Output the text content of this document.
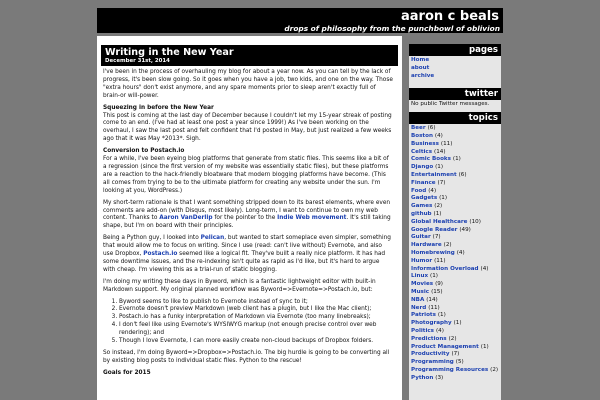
aaron c beals
drops of philosophy from the punchbowl of oblivion
Writing in the New Year
December 31st, 2014

I've been in the process of overhauling my blog for about a year now. As you can tell by the lack of progress, it's been slow going. So it goes when you have a job, two kids, and one on the way. Those "extra hours" don't exist anymore, and any spare moments prior to sleep aren't exactly full of brain-or will-power.

Squeezing in before the New Year

This post is coming at the last day of December because I couldn't let my 15-year streak of posting come to an end. (I've had at least one post a year since 1999!) As I've been working on the overhaul, I saw the last post and felt confident that I'd posted in May, but just realized a few weeks ago that it was May *2013*. Sigh.

Conversion to Postach.io

For a while, I've been eyeing blog platforms that generate from static files. This seems like a bit of a regression (since the first version of my website was essentially static files), but these platforms are a reaction to the hack-friendly bloatware that modern blogging platforms have become. (This all comes from trying to be to the ultimate platform for creating any website under the sun. I'm looking at you, WordPress.)

My short-term rationale is that I want something stripped down to its barest elements, where even comments are add-on (with Disqus, most likely). Long-term, I want to continue to own my web content. Thanks to Aaron VanDerlip for the pointer to the Indie Web movement. It's still taking shape, but I'm on board with their principles.

Being a Python guy, I looked into Pelican, but wanted to start someplace even simpler, something that would allow me to focus on writing. Since I use (read: can't live without) Evernote, and also use Dropbox, Postach.io seemed like a logical fit. They've built a really nice platform. It has had some downtime issues, and the re-indexing isn't quite as rapid as I'd like, but it's hard to argue with cheap. I'm viewing this as a trial-run of static blogging.

I'm doing my writing these days in Byword, which is a fantastic lightweight editor with built-in Markdown support. My original planned workflow was Byword=>Evernote=>Postach.io, but:

1. Byword seems to like to publish to Evernote instead of sync to it;
2. Evernote doesn't preview Markdown (web client has a plugin, but I like the Mac client);
3. Postach.io has a funky interpretation of Markdown via Evernote (too many linebreaks);
4. I don't feel like using Evernote's WYSIWYG markup (not enough precise control over web rendering); and
5. Though I love Evernote, I can more easily create non-cloud backups of Dropbox folders.

So instead, I'm doing Byword=>Dropbox=>Postach.io. The big hurdle is going to be converting all by existing blog posts to individual static files. Python to the rescue!

Goals for 2015
pages
Home
about
archive
twitter
No public Twitter messages.
topics
Beer (6)
Boston (4)
Business (11)
Celtics (14)
Comic Books (1)
Django (1)
Entertainment (6)
Finance (7)
Food (4)
Gadgets (1)
Games (2)
github (1)
Global Healthcare (10)
Google Reader (49)
Guitar (7)
Hardware (2)
Homebrewing (4)
Humor (11)
Information Overload (4)
Linux (1)
Movies (9)
Music (15)
NBA (14)
Nerd (11)
Patriots (1)
Photography (1)
Politics (4)
Predictions (2)
Product Management (1)
Productivity (7)
Programming (5)
Programming Resources (2)
Python (3)
